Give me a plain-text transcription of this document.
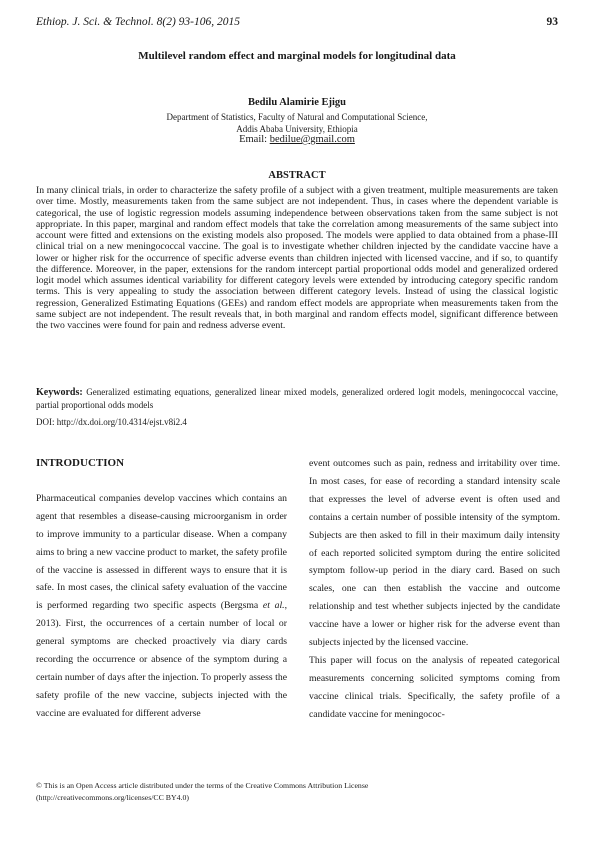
Ethiop. J. Sci. & Technol. 8(2) 93-106, 2015	93
Multilevel random effect and marginal models for longitudinal data
Bedilu Alamirie Ejigu
Department of Statistics, Faculty of Natural and Computational Science,
Addis Ababa University, Ethiopia
Email: bedilue@gmail.com
ABSTRACT
In many clinical trials, in order to characterize the safety profile of a subject with a given treatment, multiple measurements are taken over time. Mostly, measurements taken from the same subject are not independent. Thus, in cases where the dependent variable is categorical, the use of logistic regression models assuming independence between observations taken from the same subject is not appropriate. In this paper, marginal and random effect models that take the correlation among measurements of the same subject into account were fitted and extensions on the existing models also proposed. The models were applied to data obtained from a phase-III clinical trial on a new meningococcal vaccine. The goal is to investigate whether children injected by the candidate vaccine have a lower or higher risk for the occurrence of specific adverse events than children injected with licensed vaccine, and if so, to quantify the difference. Moreover, in the paper, extensions for the random intercept partial proportional odds model and generalized ordered logit model which assumes identical variability for different category levels were extended by introducing category specific random terms. This is very appealing to study the association between different category levels. Instead of using the classical logistic regression, Generalized Estimating Equations (GEEs) and random effect models are appropriate when measurements taken from the same subject are not independent. The result reveals that, in both marginal and random effects model, significant difference between the two vaccines were found for pain and redness adverse event.
Keywords: Generalized estimating equations, generalized linear mixed models, generalized ordered logit models, meningococcal vaccine, partial proportional odds models
DOI: http://dx.doi.org/10.4314/ejst.v8i2.4
INTRODUCTION

Pharmaceutical companies develop vaccines which contains an agent that resembles a disease-causing microorganism in order to improve immunity to a particular disease. When a company aims to bring a new vaccine product to market, the safety profile of the vaccine is assessed in different ways to ensure that it is safe. In most cases, the clinical safety evaluation of the vaccine is performed regarding two specific aspects (Bergsma et al., 2013). First, the occurrences of a certain number of local or general symptoms are checked proactively via diary cards recording the occurrence or absence of the symptom during a certain number of days after the injection. To properly assess the safety profile of the new vaccine, subjects injected with the vaccine are evaluated for different adverse

event outcomes such as pain, redness and irritability over time. In most cases, for ease of recording a standard intensity scale that expresses the level of adverse event is often used and contains a certain number of possible intensity of the symptom. Subjects are then asked to fill in their maximum daily intensity of each reported solicited symptom during the entire solicited symptom follow-up period in the diary card. Based on such scales, one can then establish the vaccine and outcome relationship and test whether subjects injected by the candidate vaccine have a lower or higher risk for the adverse event than subjects injected by the licensed vaccine.

This paper will focus on the analysis of repeated categorical measurements concerning solicited symptoms coming from vaccine clinical trials. Specifically, the safety profile of a candidate vaccine for meningococ-

© This is an Open Access article distributed under the terms of the Creative Commons Attribution License
(http://creativecommons.org/licenses/CC BY4.0)
